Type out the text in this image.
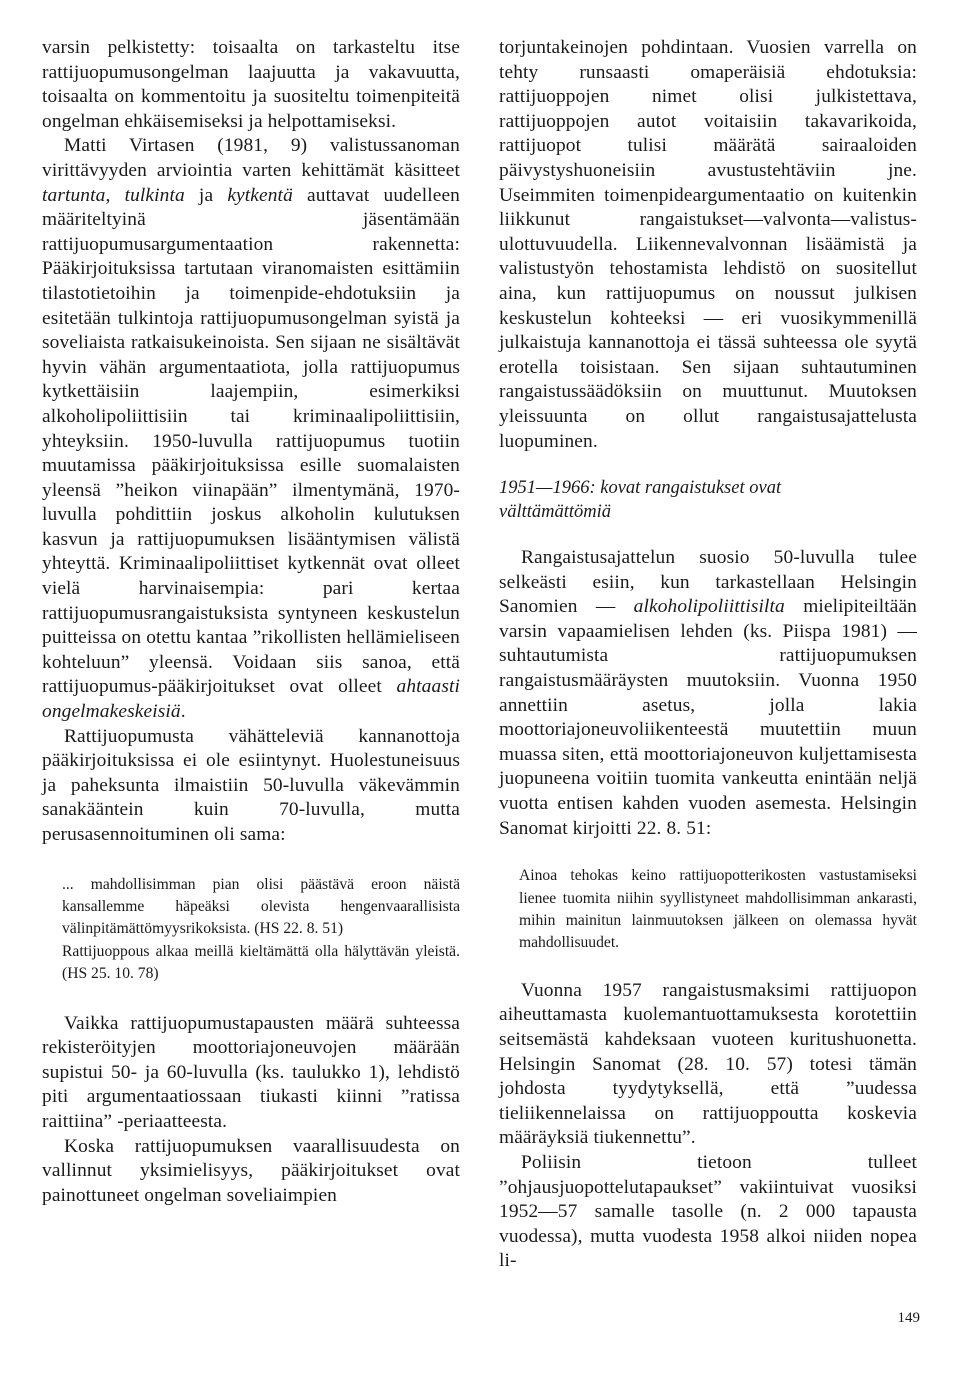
varsin pelkistetty: toisaalta on tarkasteltu itse rattijuopumusongelman laajuutta ja vakavuutta, toisaalta on kommentoitu ja suositeltu toimenpiteitä ongelman ehkäisemiseksi ja helpottamiseksi.

Matti Virtasen (1981, 9) valistussanoman virittävyyden arviointia varten kehittämät käsitteet tartunta, tulkinta ja kytkentä auttavat uudelleen määriteltyinä jäsentämään rattijuopumusargumentaation rakennetta: Pääkirjoituksissa tartutaan viranomaisten esittämiin tilastotietoihin ja toimenpide-ehdotuksiin ja esitetään tulkintoja rattijuopumusongelman syistä ja soveliaista ratkaisukeinoista. Sen sijaan ne sisältävät hyvin vähän argumentaatiota, jolla rattijuopumus kytkettäisiin laajempiin, esimerkiksi alkoholipoliittisiin tai kriminaalipoliittisiin, yhteyksiin. 1950-luvulla rattijuopumus tuotiin muutamissa pääkirjoituksissa esille suomalaisten yleensä ”heikon viinapään” ilmentymänä, 1970-luvulla pohdittiin joskus alkoholin kulutuksen kasvun ja rattijuopumuksen lisääntymisen välistä yhteyttä. Kriminaalipoliittiset kytkennät ovat olleet vielä harvinaisempia: pari kertaa rattijuopumusrangaistuksista syntyneen keskustelun puitteissa on otettu kantaa ”rikollisten hellämieliseen kohteluun” yleensä. Voidaan siis sanoa, että rattijuopumus-pääkirjoitukset ovat olleet ahtaasti ongelmakeskeisiä.

Rattijuopumusta vähätteleviä kannanottoja pääkirjoituksissa ei ole esiintynyt. Huolestuneisuus ja paheksunta ilmaistiin 50-luvulla väkevämmin sanakääntein kuin 70-luvulla, mutta perusasennoituminen oli sama:

... mahdollisimman pian olisi päästävä eroon näistä kansallemme häpeäksi olevista hengenvaarallisista välinpitämättömyysrikoksista. (HS 22. 8. 51)

Rattijuoppous alkaa meillä kieltämättä olla hälyttävän yleistä. (HS 25. 10. 78)

Vaikka rattijuopumustapausten määrä suhteessa rekisteröityjen moottoriajoneuvojen määrään supistui 50- ja 60-luvulla (ks. taulukko 1), lehdistö piti argumentaatiossaan tiukasti kiinni ”ratissa raittiina” -periaatteesta.

Koska rattijuopumuksen vaarallisuudesta on vallinnut yksimielisyys, pääkirjoitukset ovat painottuneet ongelman soveliaimpien

torjuntakeinojen pohdintaan. Vuosien varrella on tehty runsaasti omaperäisiä ehdotuksia: rattijuoppojen nimet olisi julkistettava, rattijuoppojen autot voitaisiin takavarikoida, rattijuopot tulisi määrätä sairaaloiden päivystyshuoneisiin avustustehtäviin jne. Useimmiten toimenpideargumentaatio on kuitenkin liikkunut rangaistukset—valvonta—valistus-ulottuvuudella. Liikennevalvonnan lisäämistä ja valistustyön tehostamista lehdistö on suositellut aina, kun rattijuopumus on noussut julkisen keskustelun kohteeksi — eri vuosikymmenillä julkaistuja kannanottoja ei tässä suhteessa ole syytä erotella toisistaan. Sen sijaan suhtautuminen rangaistussäädöksiin on muuttunut. Muutoksen yleissuunta on ollut rangaistusajattelusta luopuminen.

1951—1966: kovat rangaistukset ovat
välttämättömiä

Rangaistusajattelun suosio 50-luvulla tulee selkeästi esiin, kun tarkastellaan Helsingin Sanomien — alkoholipoliittisilta mielipiteiltään varsin vapaamielisen lehden (ks. Piispa 1981) — suhtautumista rattijuopumuksen rangaistusmääräysten muutoksiin. Vuonna 1950 annettiin asetus, jolla lakia moottoriajoneuvoliikenteestä muutettiin muun muassa siten, että moottoriajoneuvon kuljettamisesta juopuneena voitiin tuomita vankeutta enintään neljä vuotta entisen kahden vuoden asemesta. Helsingin Sanomat kirjoitti 22. 8. 51:

Ainoa tehokas keino rattijuopotterikosten vastustamiseksi lienee tuomita niihin syyllistyneet mahdollisimman ankarasti, mihin mainitun lainmuutoksen jälkeen on olemassa hyvät mahdollisuudet.

Vuonna 1957 rangaistusmaksimi rattijuopon aiheuttamasta kuolemantuottamuksesta korotettiin seitsemästä kahdeksaan vuoteen kuritushuonetta. Helsingin Sanomat (28. 10. 57) totesi tämän johdosta tyydytyksellä, että ”uudessa tieliikennelaissa on rattijuoppoutta koskevia määräyksiä tiukennettu”.

Poliisin tietoon tulleet ”ohjausjuopottelutapaukset” vakiintuivat vuosiksi 1952—57 samalle tasolle (n. 2 000 tapausta vuodessa), mutta vuodesta 1958 alkoi niiden nopea li-

149
